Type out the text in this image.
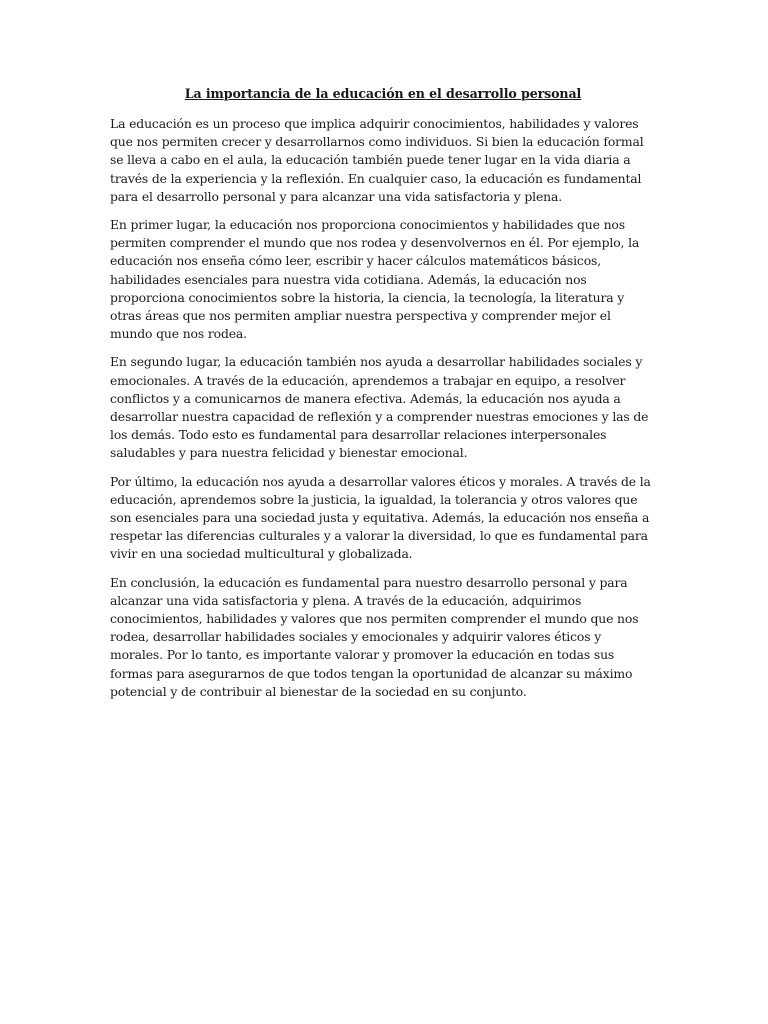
La importancia de la educación en el desarrollo personal

La educación es un proceso que implica adquirir conocimientos, habilidades y valores que nos permiten crecer y desarrollarnos como individuos. Si bien la educación formal se lleva a cabo en el aula, la educación también puede tener lugar en la vida diaria a través de la experiencia y la reflexión. En cualquier caso, la educación es fundamental para el desarrollo personal y para alcanzar una vida satisfactoria y plena.

En primer lugar, la educación nos proporciona conocimientos y habilidades que nos permiten comprender el mundo que nos rodea y desenvolvernos en él. Por ejemplo, la educación nos enseña cómo leer, escribir y hacer cálculos matemáticos básicos, habilidades esenciales para nuestra vida cotidiana. Además, la educación nos proporciona conocimientos sobre la historia, la ciencia, la tecnología, la literatura y otras áreas que nos permiten ampliar nuestra perspectiva y comprender mejor el mundo que nos rodea.

En segundo lugar, la educación también nos ayuda a desarrollar habilidades sociales y emocionales. A través de la educación, aprendemos a trabajar en equipo, a resolver conflictos y a comunicarnos de manera efectiva. Además, la educación nos ayuda a desarrollar nuestra capacidad de reflexión y a comprender nuestras emociones y las de los demás. Todo esto es fundamental para desarrollar relaciones interpersonales saludables y para nuestra felicidad y bienestar emocional.

Por último, la educación nos ayuda a desarrollar valores éticos y morales. A través de la educación, aprendemos sobre la justicia, la igualdad, la tolerancia y otros valores que son esenciales para una sociedad justa y equitativa. Además, la educación nos enseña a respetar las diferencias culturales y a valorar la diversidad, lo que es fundamental para vivir en una sociedad multicultural y globalizada.

En conclusión, la educación es fundamental para nuestro desarrollo personal y para alcanzar una vida satisfactoria y plena. A través de la educación, adquirimos conocimientos, habilidades y valores que nos permiten comprender el mundo que nos rodea, desarrollar habilidades sociales y emocionales y adquirir valores éticos y morales. Por lo tanto, es importante valorar y promover la educación en todas sus formas para asegurarnos de que todos tengan la oportunidad de alcanzar su máximo potencial y de contribuir al bienestar de la sociedad en su conjunto.
